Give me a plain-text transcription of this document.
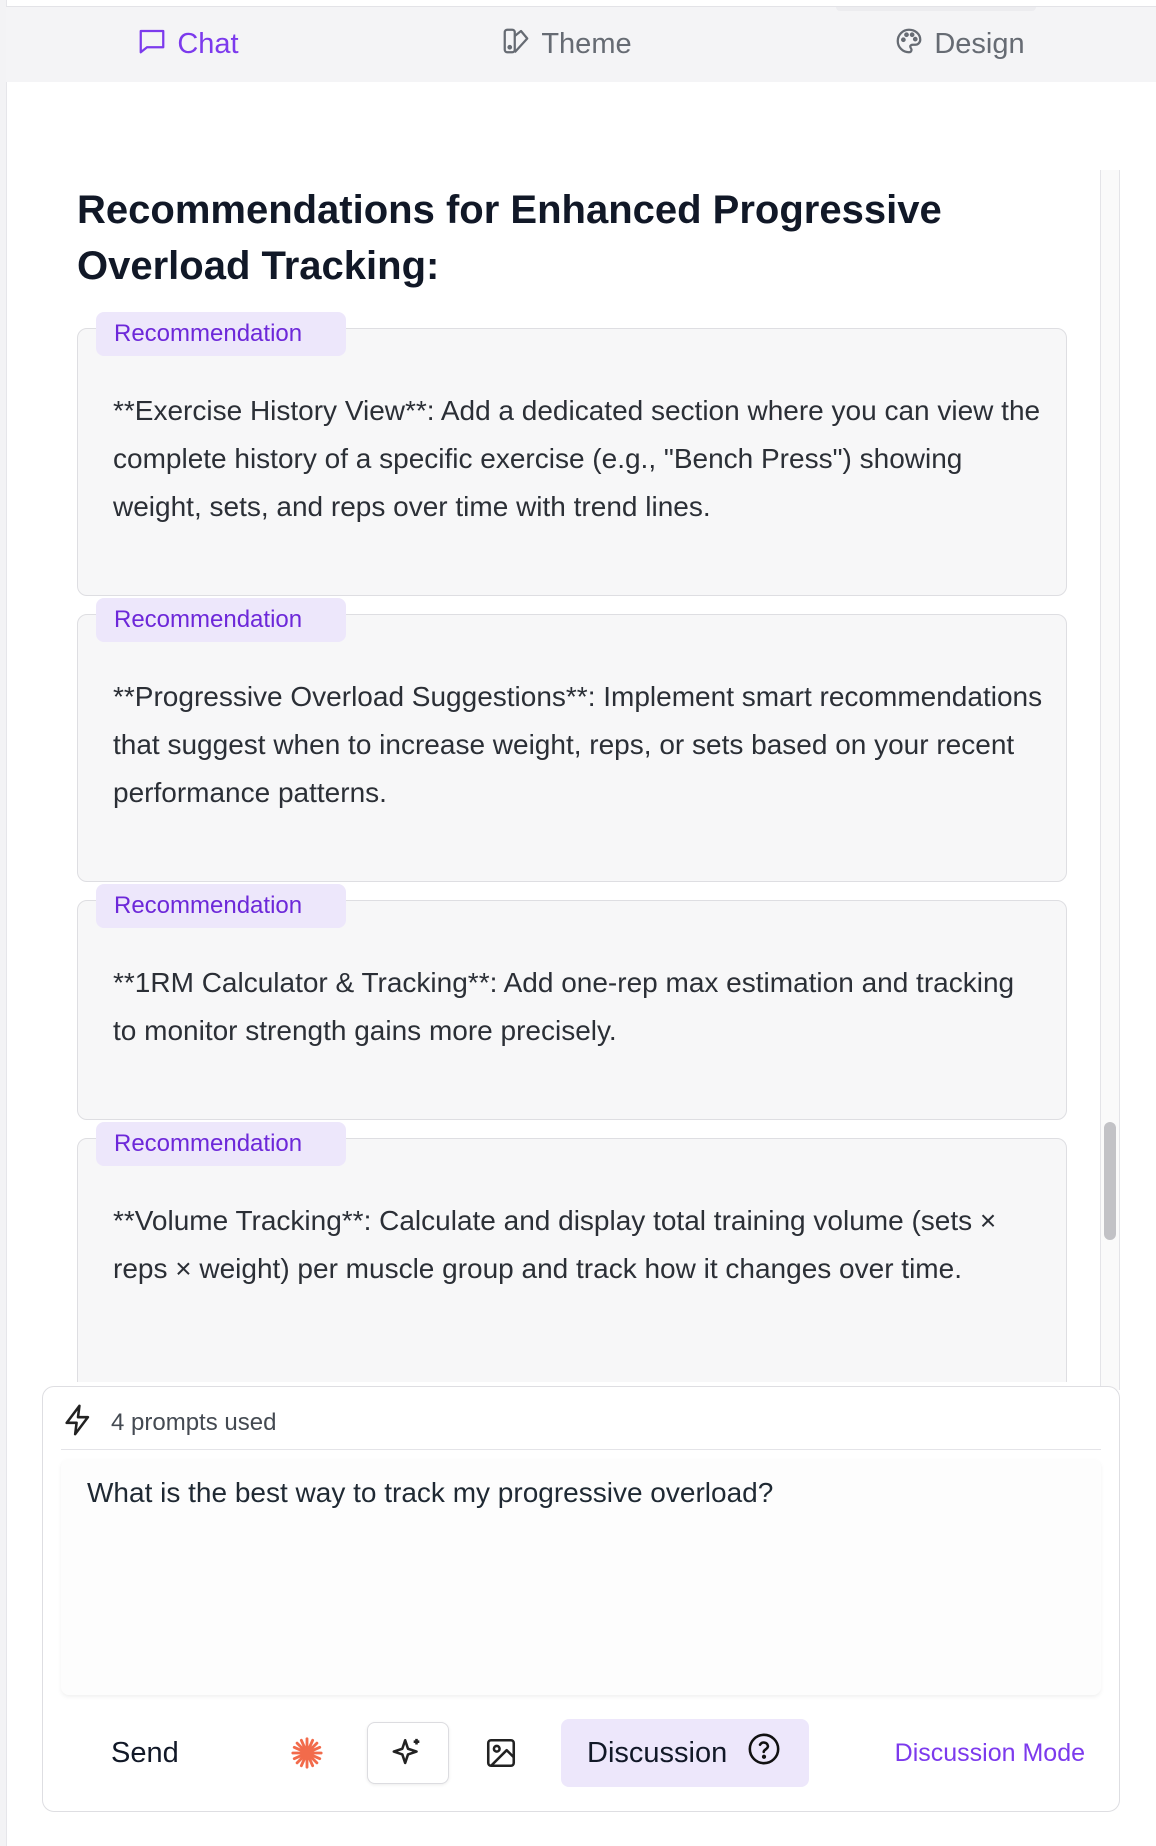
Chat	Theme	Design
Recommendations for Enhanced Progressive Overload Tracking:
**Exercise History View**: Add a dedicated section where you can view the complete history of a specific exercise (e.g., "Bench Press") showing weight, sets, and reps over time with trend lines.
Recommendation
**Progressive Overload Suggestions**: Implement smart recommendations that suggest when to increase weight, reps, or sets based on your recent performance patterns.
Recommendation
**1RM Calculator & Tracking**: Add one-rep max estimation and tracking to monitor strength gains more precisely.
Recommendation
**Volume Tracking**: Calculate and display total training volume (sets × reps × weight) per muscle group and track how it changes over time.
Recommendation
4 prompts used
What is the best way to track my progressive overload?
Send	Discussion	Discussion Mode
